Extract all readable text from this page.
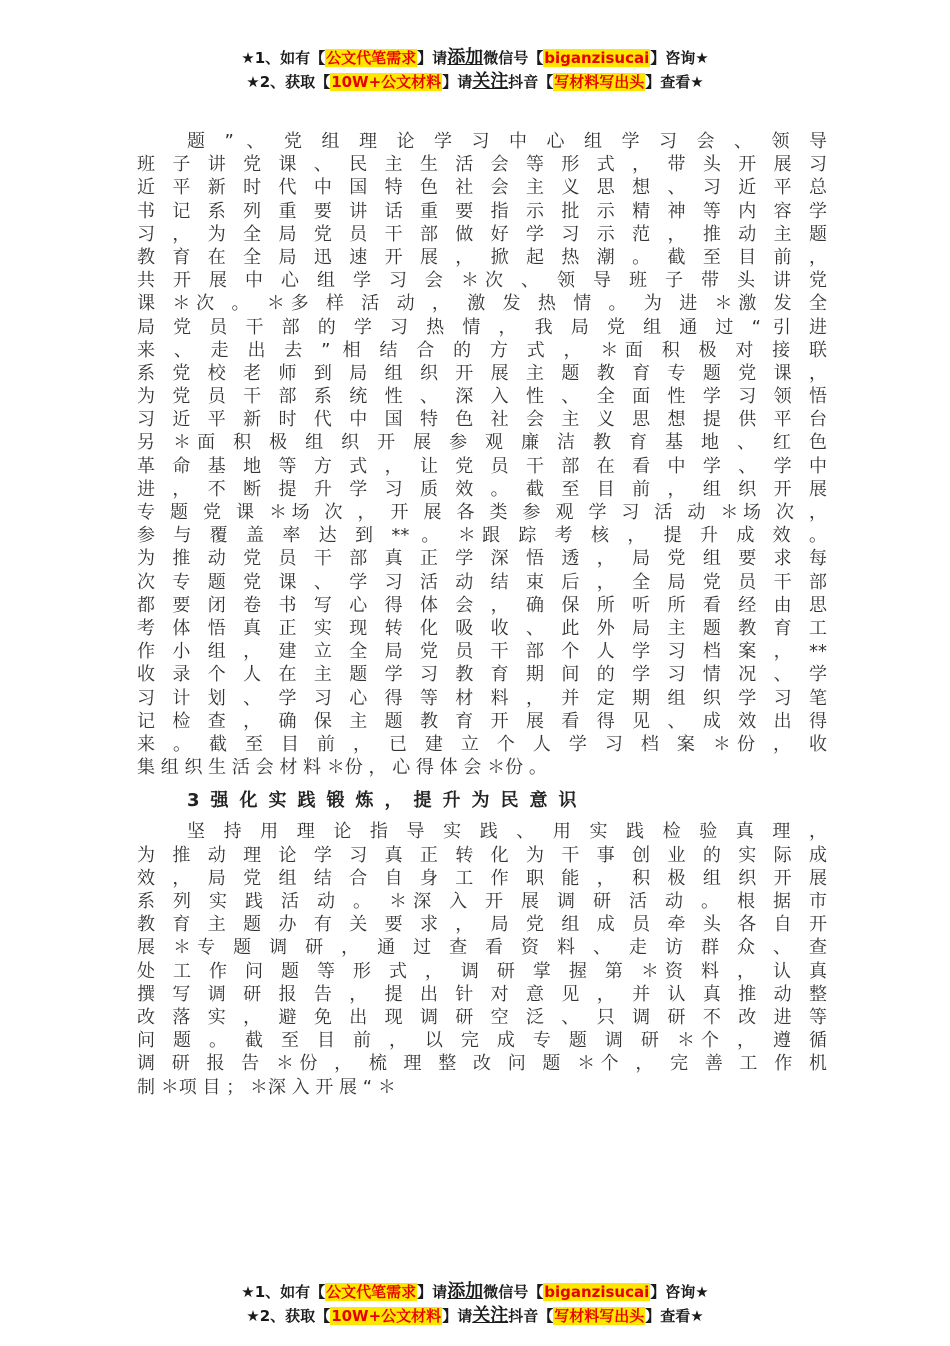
★1、如有【公文代笔需求】请添加微信号【biganzisucai】咨询★
★2、获取【10W+公文材料】请关注抖音【写材料写出头】查看★
题 ” 、 党 组 理 论 学 习 中 心 组 学 习 会 、 领 导
班 子 讲 党 课 、 民 主 生 活 会 等 形 式 ， 带 头 开 展 习
近 平 新 时 代 中 国 特 色 社 会 主 义 思 想 、 习 近 平 总
书 记 系 列 重 要 讲 话 重 要 指 示 批 示 精 神 等 内 容 学
习 ， 为 全 局 党 员 干 部 做 好 学 习 示 范 ， 推 动 主 题
教 育 在 全 局 迅 速 开 展 ， 掀 起 热 潮 。 截 至 目 前 ，
共 开 展 中 心 组 学 习 会 ＊次 、 领 导 班 子 带 头 讲 党
课 ＊次 。 ＊多 样 活 动 ， 激 发 热 情 。 为 进 ＊激 发 全
局 党 员 干 部 的 学 习 热 情 ， 我 局 党 组 通 过 “ 引 进
来 、 走 出 去 ” 相 结 合 的 方 式 ， ＊面 积 极 对 接 联
系 党 校 老 师 到 局 组 织 开 展 主 题 教 育 专 题 党 课 ，
为 党 员 干 部 系 统 性 、 深 入 性 、 全 面 性 学 习 领 悟
习 近 平 新 时 代 中 国 特 色 社 会 主 义 思 想 提 供 平 台
另 ＊面 积 极 组 织 开 展 参 观 廉 洁 教 育 基 地 、 红 色
革 命 基 地 等 方 式 ， 让 党 员 干 部 在 看 中 学 、 学 中
进 ， 不 断 提 升 学 习 质 效 。 截 至 目 前 ， 组 织 开 展
专 题 党 课 ＊场 次 ， 开 展 各 类 参 观 学 习 活 动 ＊场 次 ，
参 与 覆 盖 率 达 到 ** 。 ＊跟 踪 考 核 ， 提 升 成 效 。
为 推 动 党 员 干 部 真 正 学 深 悟 透 ， 局 党 组 要 求 每
次 专 题 党 课 、 学 习 活 动 结 束 后 ， 全 局 党 员 干 部
都 要 闭 卷 书 写 心 得 体 会 ， 确 保 所 听 所 看 经 由 思
考 体 悟 真 正 实 现 转 化 吸 收 、 此 外 局 主 题 教 育 工
作 小 组 ， 建 立 全 局 党 员 干 部 个 人 学 习 档 案 ， **
收 录 个 人 在 主 题 学 习 教 育 期 间 的 学 习 情 况 、 学
习 计 划 、 学 习 心 得 等 材 料 ， 并 定 期 组 织 学 习 笔
记 检 查 ， 确 保 主 题 教 育 开 展 看 得 见 、 成 效 出 得
来 。 截 至 目 前 ， 已 建 立 个 人 学 习 档 案 ＊份 ， 收
集 组 织 生 活 会 材 料 ＊份 ， 心 得 体 会 ＊份 。
3强化实践锻炼，提升为民意识
坚 持 用 理 论 指 导 实 践 、 用 实 践 检 验 真 理 ，
为 推 动 理 论 学 习 真 正 转 化 为 干 事 创 业 的 实 际 成
效 ， 局 党 组 结 合 自 身 工 作 职 能 ， 积 极 组 织 开 展
系 列 实 践 活 动 。 ＊深 入 开 展 调 研 活 动 。 根 据 市
教 育 主 题 办 有 关 要 求 ， 局 党 组 成 员 牵 头 各 自 开
展 ＊专 题 调 研 ， 通 过 查 看 资 料 、 走 访 群 众 、 查
处 工 作 问 题 等 形 式 ， 调 研 掌 握 第 ＊资 料 ， 认 真
撰 写 调 研 报 告 ， 提 出 针 对 意 见 ， 并 认 真 推 动 整
改 落 实 ， 避 免 出 现 调 研 空 泛 、 只 调 研 不 改 进 等
问 题 。 截 至 目 前 ， 以 完 成 专 题 调 研 ＊个 ， 遵 循
调 研 报 告 ＊份 ， 梳 理 整 改 问 题 ＊个 ， 完 善 工 作 机
制 ＊项 目 ； ＊深 入 开 展 “ ＊
★1、如有【公文代笔需求】请添加微信号【biganzisucai】咨询★
★2、获取【10W+公文材料】请关注抖音【写材料写出头】查看★
